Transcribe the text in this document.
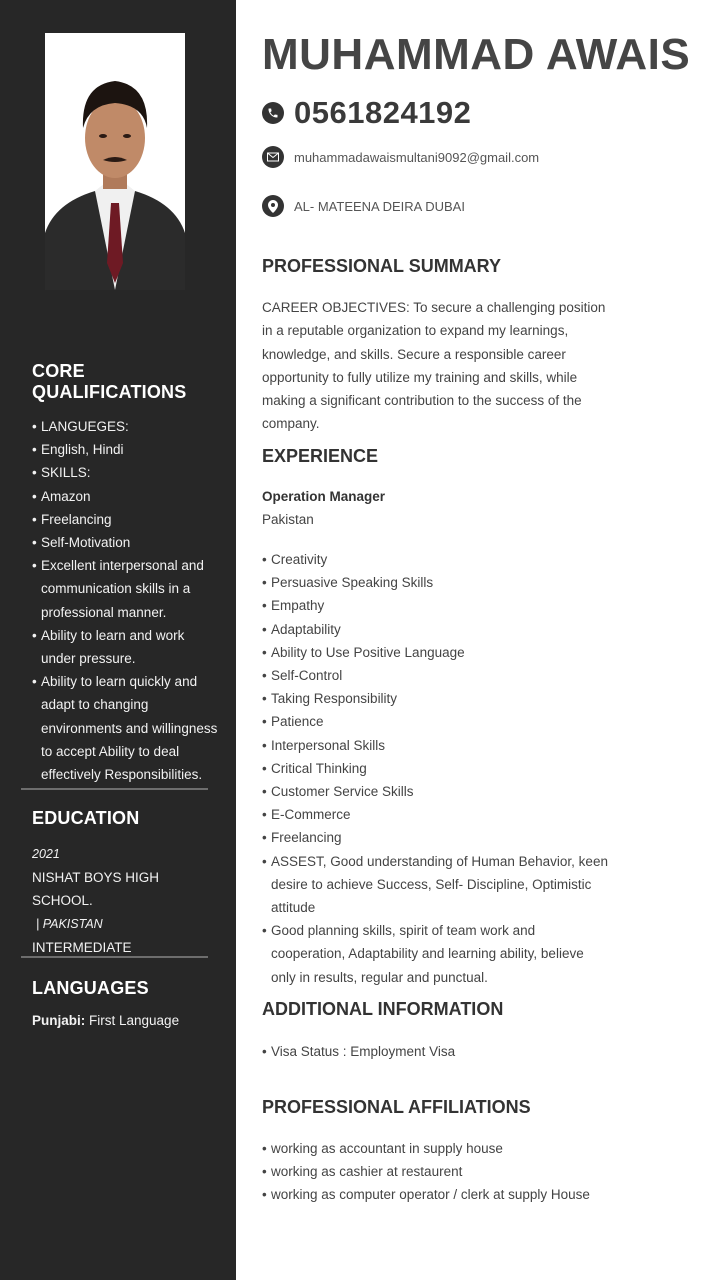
CORE QUALIFICATIONS
• LANGUEGES:
• English, Hindi
• SKILLS:
• Amazon
• Freelancing
• Self-Motivation
• Excellent interpersonal and communication skills in a professional manner.
• Ability to learn and work under pressure.
• Ability to learn quickly and adapt to changing environments and willingness to accept Ability to deal effectively Responsibilities.
EDUCATION
2021
NISHAT BOYS HIGH SCHOOL.
| PAKISTAN
INTERMEDIATE
LANGUAGES
Punjabi: First Language
MUHAMMAD AWAIS
0561824192
muhammadawaismultani9092@gmail.com
AL- MATEENA DEIRA DUBAI
PROFESSIONAL SUMMARY
CAREER OBJECTIVES: To secure a challenging position in a reputable organization to expand my learnings, knowledge, and skills. Secure a responsible career opportunity to fully utilize my training and skills, while making a significant contribution to the success of the company.
EXPERIENCE
Operation Manager
Pakistan
• Creativity
• Persuasive Speaking Skills
• Empathy
• Adaptability
• Ability to Use Positive Language
• Self-Control
• Taking Responsibility
• Patience
• Interpersonal Skills
• Critical Thinking
• Customer Service Skills
• E-Commerce
• Freelancing
• ASSEST, Good understanding of Human Behavior, keen desire to achieve Success, Self- Discipline, Optimistic attitude
• Good planning skills, spirit of team work and cooperation, Adaptability and learning ability, believe only in results, regular and punctual.
ADDITIONAL INFORMATION
• Visa Status : Employment Visa
PROFESSIONAL AFFILIATIONS
• working as accountant in supply house
• working as cashier at restaurent
• working as computer operator / clerk at supply House
